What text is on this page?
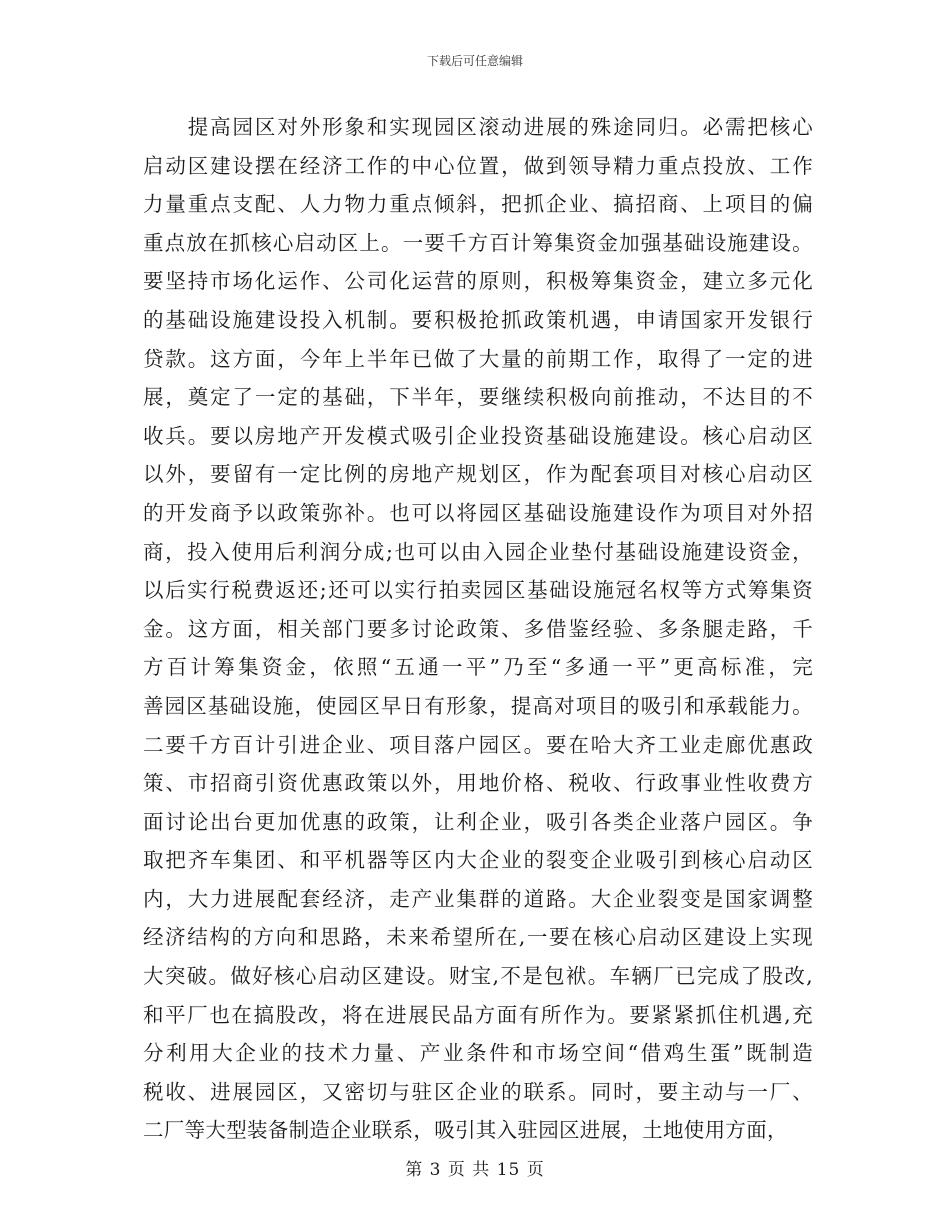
下载后可任意编辑
　　提高园区对外形象和实现园区滚动进展的殊途同归。必需把核心
启动区建设摆在经济工作的中心位置，做到领导精力重点投放、工作
力量重点支配、人力物力重点倾斜，把抓企业、搞招商、上项目的偏
重点放在抓核心启动区上。一要千方百计筹集资金加强基础设施建设。
要坚持市场化运作、公司化运营的原则，积极筹集资金，建立多元化
的基础设施建设投入机制。要积极抢抓政策机遇，申请国家开发银行
贷款。这方面，今年上半年已做了大量的前期工作，取得了一定的进
展，奠定了一定的基础，下半年，要继续积极向前推动，不达目的不
收兵。要以房地产开发模式吸引企业投资基础设施建设。核心启动区
以外，要留有一定比例的房地产规划区，作为配套项目对核心启动区
的开发商予以政策弥补。也可以将园区基础设施建设作为项目对外招
商，投入使用后利润分成;也可以由入园企业垫付基础设施建设资金，
以后实行税费返还;还可以实行拍卖园区基础设施冠名权等方式筹集资
金。这方面，相关部门要多讨论政策、多借鉴经验、多条腿走路，千
方百计筹集资金，依照“五通一平”乃至“多通一平”更高标准，完
善园区基础设施，使园区早日有形象，提高对项目的吸引和承载能力。
二要千方百计引进企业、项目落户园区。要在哈大齐工业走廊优惠政
策、市招商引资优惠政策以外，用地价格、税收、行政事业性收费方
面讨论出台更加优惠的政策，让利企业，吸引各类企业落户园区。争
取把齐车集团、和平机器等区内大企业的裂变企业吸引到核心启动区
内，大力进展配套经济，走产业集群的道路。大企业裂变是国家调整
经济结构的方向和思路，未来希望所在,一要在核心启动区建设上实现
大突破。做好核心启动区建设。财宝,不是包袱。车辆厂已完成了股改,
和平厂也在搞股改，将在进展民品方面有所作为。要紧紧抓住机遇,充
分利用大企业的技术力量、产业条件和市场空间“借鸡生蛋”既制造
税收、进展园区，又密切与驻区企业的联系。同时，要主动与一厂、
二厂等大型装备制造企业联系，吸引其入驻园区进展，土地使用方面，
第 3 页 共 15 页
